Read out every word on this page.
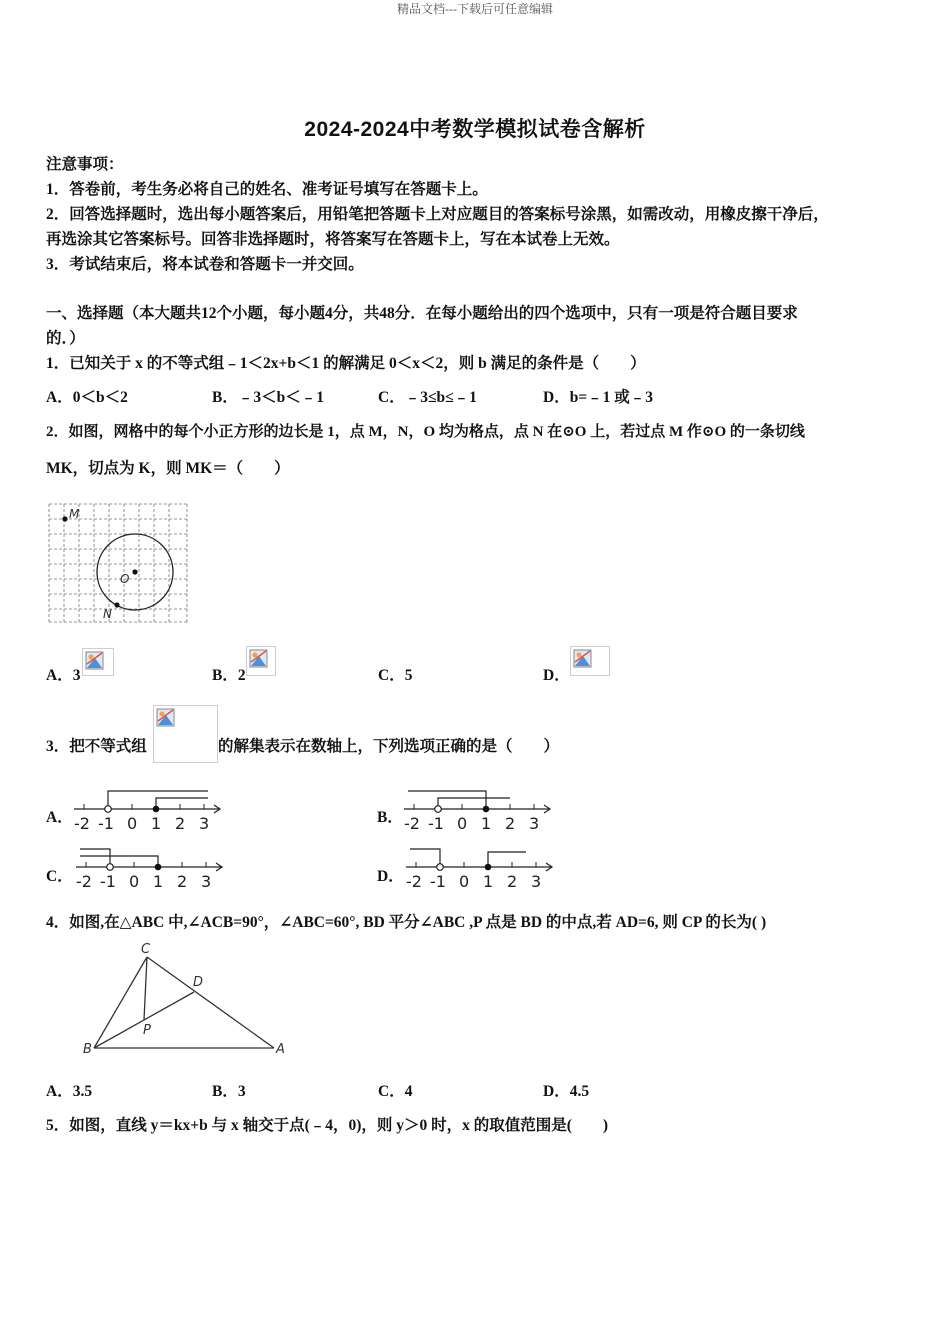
精品文档---下载后可任意编辑
2024-2024中考数学模拟试卷含解析
注意事项：
1．答卷前，考生务必将自己的姓名、准考证号填写在答题卡上。
2．回答选择题时，选出每小题答案后，用铅笔把答题卡上对应题目的答案标号涂黑，如需改动，用橡皮擦干净后，
再选涂其它答案标号。回答非选择题时，将答案写在答题卡上，写在本试卷上无效。
3．考试结束后，将本试卷和答题卡一并交回。
一、选择题（本大题共12个小题，每小题4分，共48分．在每小题给出的四个选项中，只有一项是符合题目要求
的．）
1．已知关于 x 的不等式组﹣1＜2x+b＜1 的解满足 0＜x＜2，则 b 满足的条件是（　　）
A．0＜b＜2	B．﹣3＜b＜﹣1	C．﹣3≤b≤﹣1	D．b=﹣1 或﹣3
2．如图，网格中的每个小正方形的边长是 1，点 M，N，O 均为格点，点 N 在⊙O 上，若过点 M 作⊙O 的一条切线
MK，切点为 K，则 MK＝（　　）
M
O
N
A．3	B．2	C．5	D．
3．把不等式组	的解集表示在数轴上，下列选项正确的是（　　）
A． -2 -1 0 1 2 3	B． -2 -1 0 1 2 3
C． -2 -1 0 1 2 3	D． -2 -1 0 1 2 3
4．如图,在△ABC 中,∠ACB=90°，∠ABC=60°, BD 平分∠ABC ,P 点是 BD 的中点,若 AD=6, 则 CP 的长为( )
C
D
P
B	A
A．3.5	B．3	C．4	D．4.5
5．如图，直线 y＝kx+b 与 x 轴交于点(﹣4，0)，则 y＞0 时，x 的取值范围是(　　)
